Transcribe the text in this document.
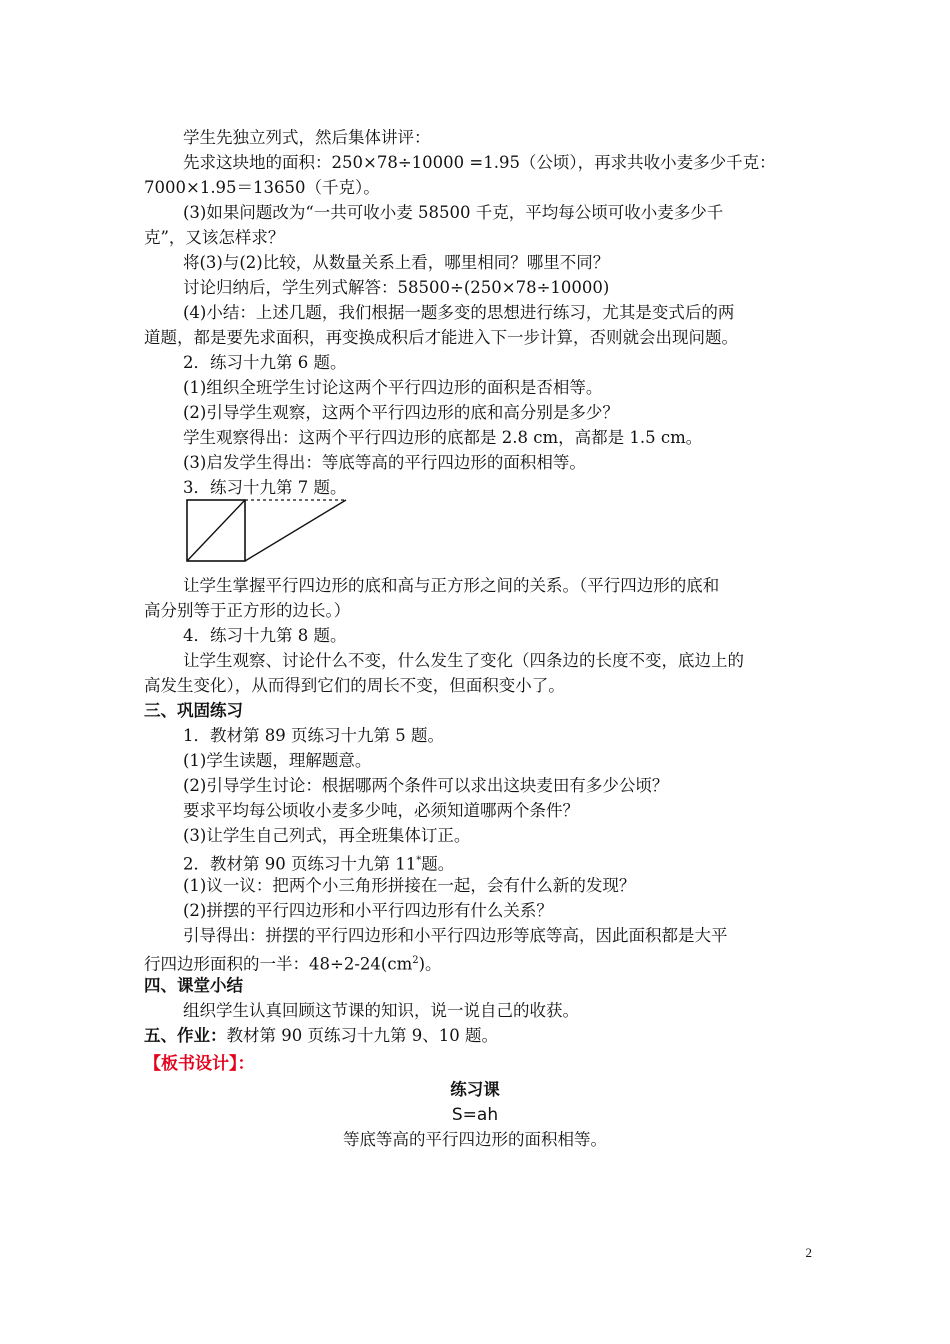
学生先独立列式，然后集体讲评：
先求这块地的面积：250×78÷10000 =1.95（公顷），再求共收小麦多少千克：
7000×1.95＝13650（千克）。
(3)如果问题改为“一共可收小麦 58500 千克，平均每公顷可收小麦多少千
克”，又该怎样求？
将(3)与(2)比较，从数量关系上看，哪里相同？哪里不同？
讨论归纳后，学生列式解答：58500÷(250×78÷10000)
(4)小结：上述几题，我们根据一题多变的思想进行练习，尤其是变式后的两
道题，都是要先求面积，再变换成积后才能进入下一步计算，否则就会出现问题。
2．练习十九第 6 题。
(1)组织全班学生讨论这两个平行四边形的面积是否相等。
(2)引导学生观察，这两个平行四边形的底和高分别是多少？
学生观察得出：这两个平行四边形的底都是 2.8 cm，高都是 1.5 cm。
(3)启发学生得出：等底等高的平行四边形的面积相等。
3．练习十九第 7 题。
让学生掌握平行四边形的底和高与正方形之间的关系。（平行四边形的底和
高分别等于正方形的边长。）
4．练习十九第 8 题。
让学生观察、讨论什么不变，什么发生了变化（四条边的长度不变，底边上的
高发生变化），从而得到它们的周长不变，但面积变小了。
三、巩固练习
1．教材第 89 页练习十九第 5 题。
(1)学生读题，理解题意。
(2)引导学生讨论：根据哪两个条件可以求出这块麦田有多少公顷？
要求平均每公顷收小麦多少吨，必须知道哪两个条件？
(3)让学生自己列式，再全班集体订正。
2．教材第 90 页练习十九第 11*题。
(1)议一议：把两个小三角形拼接在一起，会有什么新的发现？
(2)拼摆的平行四边形和小平行四边形有什么关系？
引导得出：拼摆的平行四边形和小平行四边形等底等高，因此面积都是大平
行四边形面积的一半：$48\div 2-24(cm^2)$。
四、课堂小结
组织学生认真回顾这节课的知识，说一说自己的收获。
五、作业：教材第 90 页练习十九第 9、10 题。
【板书设计】：
练习课
S=ah
等底等高的平行四边形的面积相等。
2
